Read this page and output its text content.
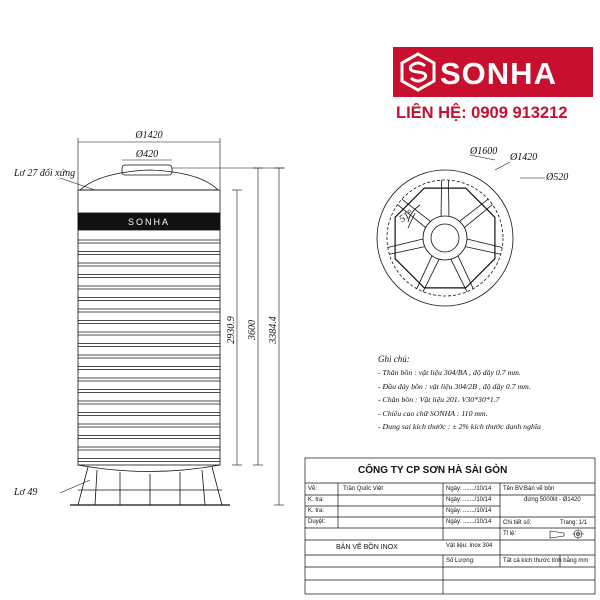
SONHA
LIÊN HỆ: 0909 913212
SONHA
Ø1420
Ø420
2930.9 3600 3384.4
Lơ 27 đối xứng
Lơ 49
Ø1600
Ø1420
Ø520
51°
Ghi chú:
- Thân bồn : vật liệu 304/BA , độ dầy 0.7 mm.
- Đầu đáy bồn : vật liệu 304/2B , độ dầy 0.7 mm.
- Chân bồn : Vật liệu 201. V30*30*1.7
- Chiều cao chữ SONHA : 110 mm.
- Dung sai kích thước : ± 2% kích thước danh nghĩa
CÔNG TY CP SƠN HÀ SÀI GÒN
Vẽ:	Trần Quốc Việt	Ngày: ......./10/14
K. tra:	Ngày: ......./10/14
K. tra:	Ngày: ......./10/14
Duyệt:	Ngày: ......./10/14
Tên BV: Bản vẽ bồn
đứng 5000lit - Ø1420
Chi tiết số:	Trang: 1/1
Tỉ lệ:
Vật liệu: Inox 304
BẢN VẼ BỒN INOX
Số Lượng:	Tất cả kích thước tính bằng mm
